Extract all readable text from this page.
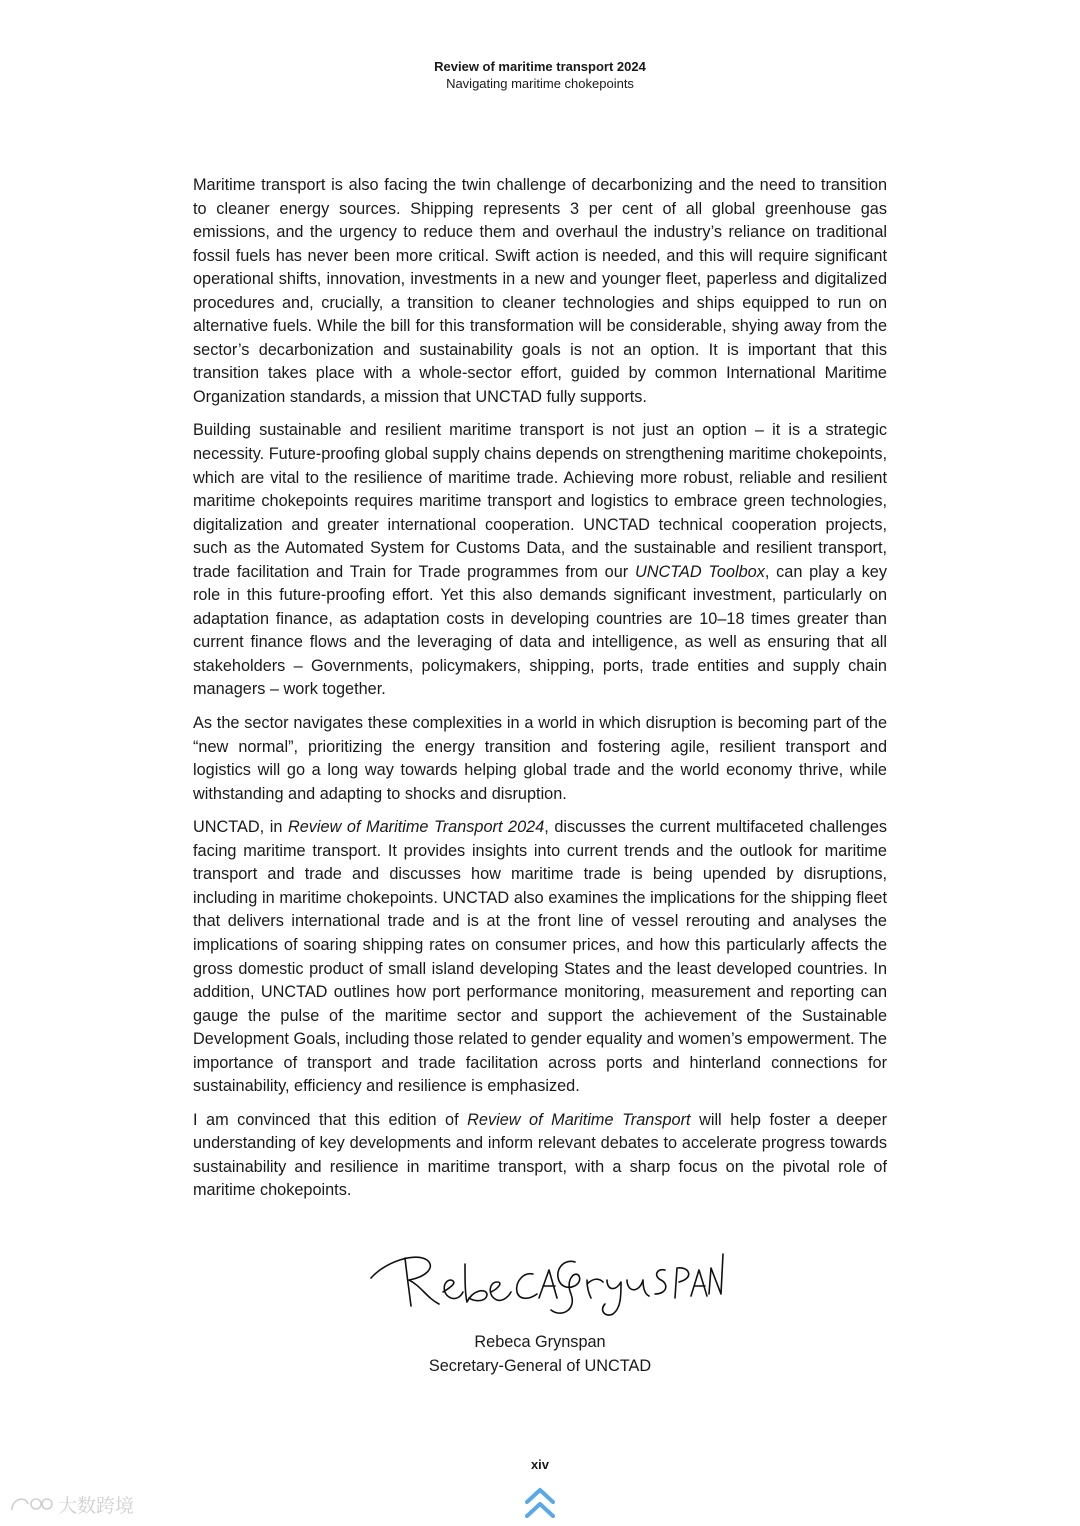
Review of maritime transport 2024
Navigating maritime chokepoints

Maritime transport is also facing the twin challenge of decarbonizing and the need to transition to cleaner energy sources. Shipping represents 3 per cent of all global greenhouse gas emissions, and the urgency to reduce them and overhaul the industry’s reliance on traditional fossil fuels has never been more critical. Swift action is needed, and this will require significant operational shifts, innovation, investments in a new and younger fleet, paperless and digitalized procedures and, crucially, a transition to cleaner technologies and ships equipped to run on alternative fuels. While the bill for this transformation will be considerable, shying away from the sector’s decarbonization and sustainability goals is not an option. It is important that this transition takes place with a whole-sector effort, guided by common International Maritime Organization standards, a mission that UNCTAD fully supports.

Building sustainable and resilient maritime transport is not just an option – it is a strategic necessity. Future-proofing global supply chains depends on strengthening maritime chokepoints, which are vital to the resilience of maritime trade. Achieving more robust, reliable and resilient maritime chokepoints requires maritime transport and logistics to embrace green technologies, digitalization and greater international cooperation. UNCTAD technical cooperation projects, such as the Automated System for Customs Data, and the sustainable and resilient transport, trade facilitation and Train for Trade programmes from our UNCTAD Toolbox, can play a key role in this future-proofing effort. Yet this also demands significant investment, particularly on adaptation finance, as adaptation costs in developing countries are 10–18 times greater than current finance flows and the leveraging of data and intelligence, as well as ensuring that all stakeholders – Governments, policymakers, shipping, ports, trade entities and supply chain managers – work together.

As the sector navigates these complexities in a world in which disruption is becoming part of the “new normal”, prioritizing the energy transition and fostering agile, resilient transport and logistics will go a long way towards helping global trade and the world economy thrive, while withstanding and adapting to shocks and disruption.

UNCTAD, in Review of Maritime Transport 2024, discusses the current multifaceted challenges facing maritime transport. It provides insights into current trends and the outlook for maritime transport and trade and discusses how maritime trade is being upended by disruptions, including in maritime chokepoints. UNCTAD also examines the implications for the shipping fleet that delivers international trade and is at the front line of vessel rerouting and analyses the implications of soaring shipping rates on consumer prices, and how this particularly affects the gross domestic product of small island developing States and the least developed countries. In addition, UNCTAD outlines how port performance monitoring, measurement and reporting can gauge the pulse of the maritime sector and support the achievement of the Sustainable Development Goals, including those related to gender equality and women’s empowerment. The importance of transport and trade facilitation across ports and hinterland connections for sustainability, efficiency and resilience is emphasized.

I am convinced that this edition of Review of Maritime Transport will help foster a deeper understanding of key developments and inform relevant debates to accelerate progress towards sustainability and resilience in maritime transport, with a sharp focus on the pivotal role of maritime chokepoints.

Rebeca Grynspan
Secretary-General of UNCTAD
xiv
大数跨境
